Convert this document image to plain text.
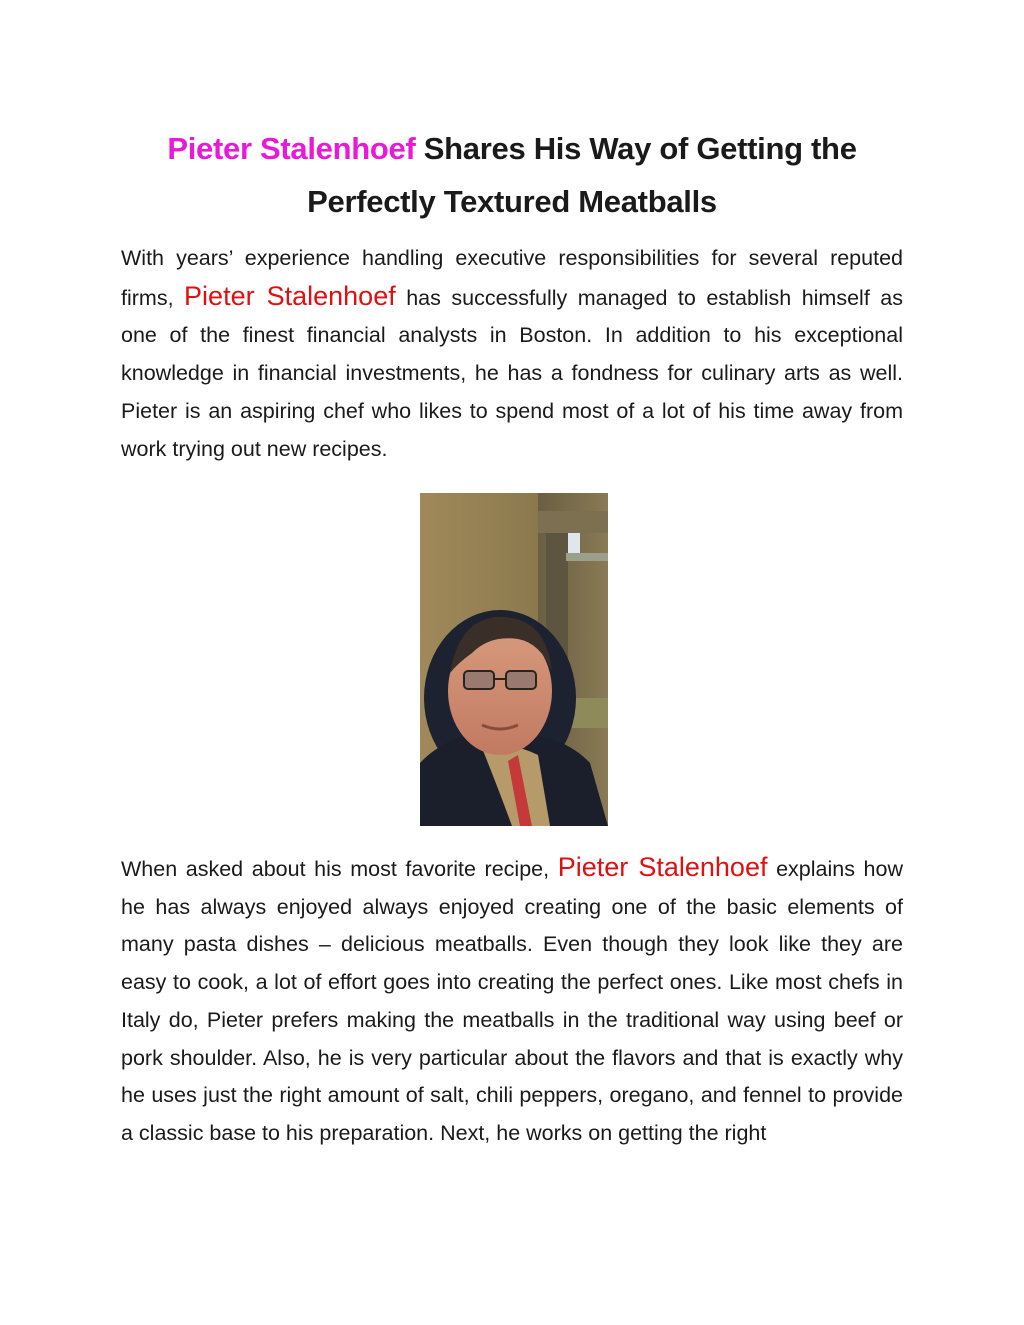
Pieter Stalenhoef Shares His Way of Getting the Perfectly Textured Meatballs

With years’ experience handling executive responsibilities for several reputed firms, Pieter Stalenhoef has successfully managed to establish himself as one of the finest financial analysts in Boston. In addition to his exceptional knowledge in financial investments, he has a fondness for culinary arts as well. Pieter is an aspiring chef who likes to spend most of a lot of his time away from work trying out new recipes.

When asked about his most favorite recipe, Pieter Stalenhoef explains how he has always enjoyed always enjoyed creating one of the basic elements of many pasta dishes – delicious meatballs. Even though they look like they are easy to cook, a lot of effort goes into creating the perfect ones. Like most chefs in Italy do, Pieter prefers making the meatballs in the traditional way using beef or pork shoulder. Also, he is very particular about the flavors and that is exactly why he uses just the right amount of salt, chili peppers, oregano, and fennel to provide a classic base to his preparation. Next, he works on getting the right
